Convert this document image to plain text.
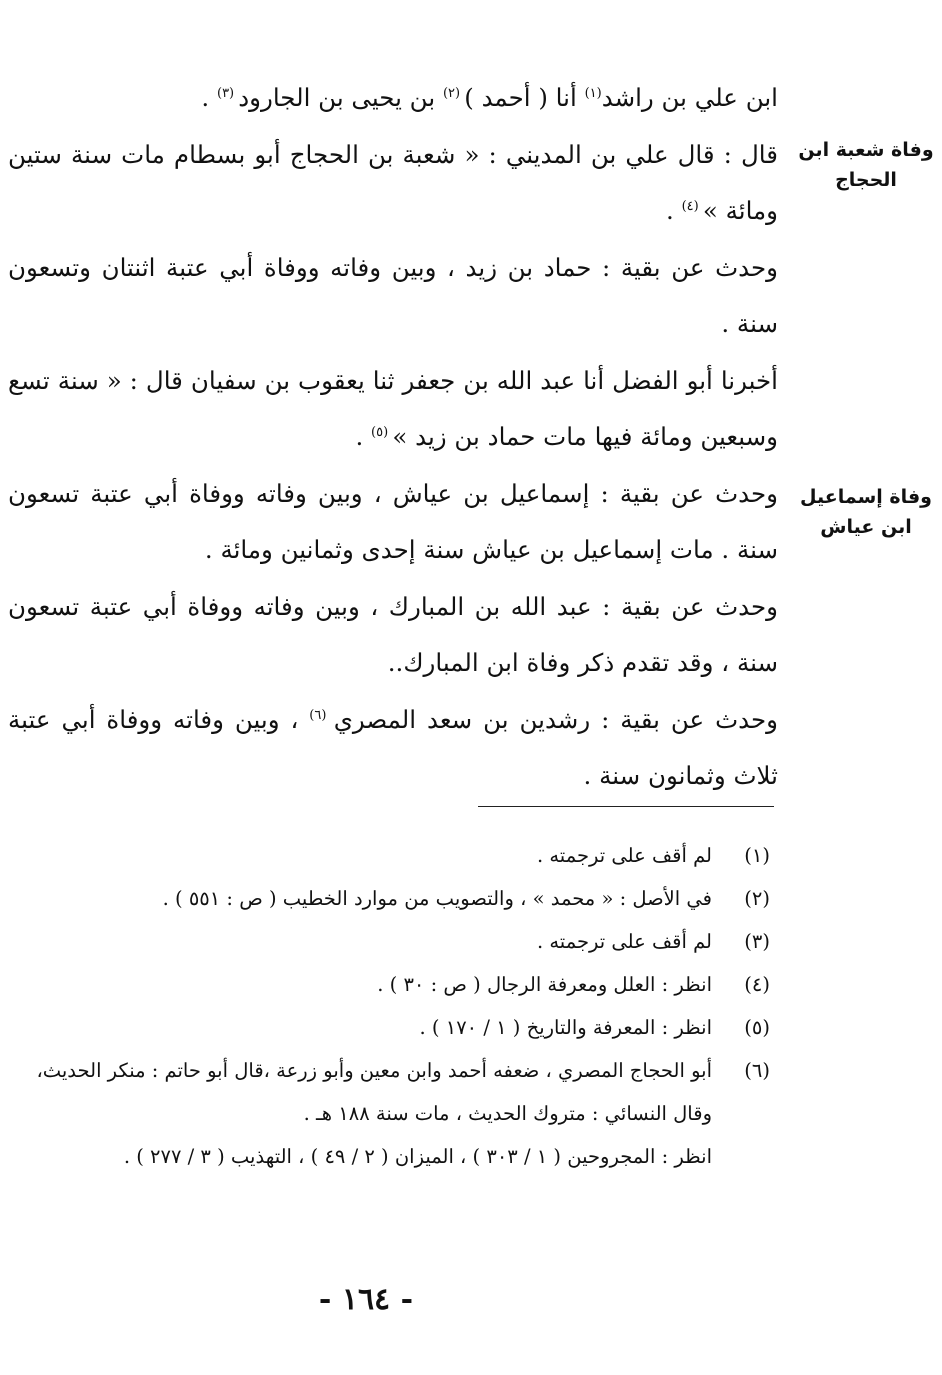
وفاة شعبة ابن الحجاج
وفاة إسماعيل ابن عياش

ابن علي بن راشد$^{(١)}$ أنا ( أحمد ) $^{(٢)}$ بن يحيى بن الجارود $^{(٣)}$ .

قال : قال علي بن المديني : « شعبة بن الحجاج أبو بسطام مات سنة ستين ومائة » $^{(٤)}$ .

وحدث عن بقية : حماد بن زيد ، وبين وفاته ووفاة أبي عتبة اثنتان وتسعون سنة .

أخبرنا أبو الفضل أنا عبد الله بن جعفر ثنا يعقوب بن سفيان قال : « سنة تسع وسبعين ومائة فيها مات حماد بن زيد » $^{(٥)}$ .

وحدث عن بقية : إسماعيل بن عياش ، وبين وفاته ووفاة أبي عتبة تسعون سنة . مات إسماعيل بن عياش سنة إحدى وثمانين ومائة .

وحدث عن بقية : عبد الله بن المبارك ، وبين وفاته ووفاة أبي عتبة تسعون سنة ، وقد تقدم ذكر وفاة ابن المبارك..

وحدث عن بقية : رشدين بن سعد المصري $^{(٦)}$ ، وبين وفاته ووفاة أبي عتبة ثلاث وثمانون سنة .

(١)
لم أقف على ترجمته .
(٢)
في الأصل : « محمد » ، والتصويب من موارد الخطيب ( ص : ٥٥١ ) .
(٣)
لم أقف على ترجمته .
(٤)
انظر : العلل ومعرفة الرجال ( ص : ٣٠ ) .
(٥)
انظر : المعرفة والتاريخ ( ١ / ١٧٠ ) .
(٦)
أبو الحجاج المصري ، ضعفه أحمد وابن معين وأبو زرعة ،قال أبو حاتم : منكر الحديث، وقال النسائي : متروك الحديث ، مات سنة ١٨٨ هـ .
انظر : المجروحين ( ١ / ٣٠٣ ) ، الميزان ( ٢ / ٤٩ ) ، التهذيب ( ٣ / ٢٧٧ ) .
- ١٦٤ -
